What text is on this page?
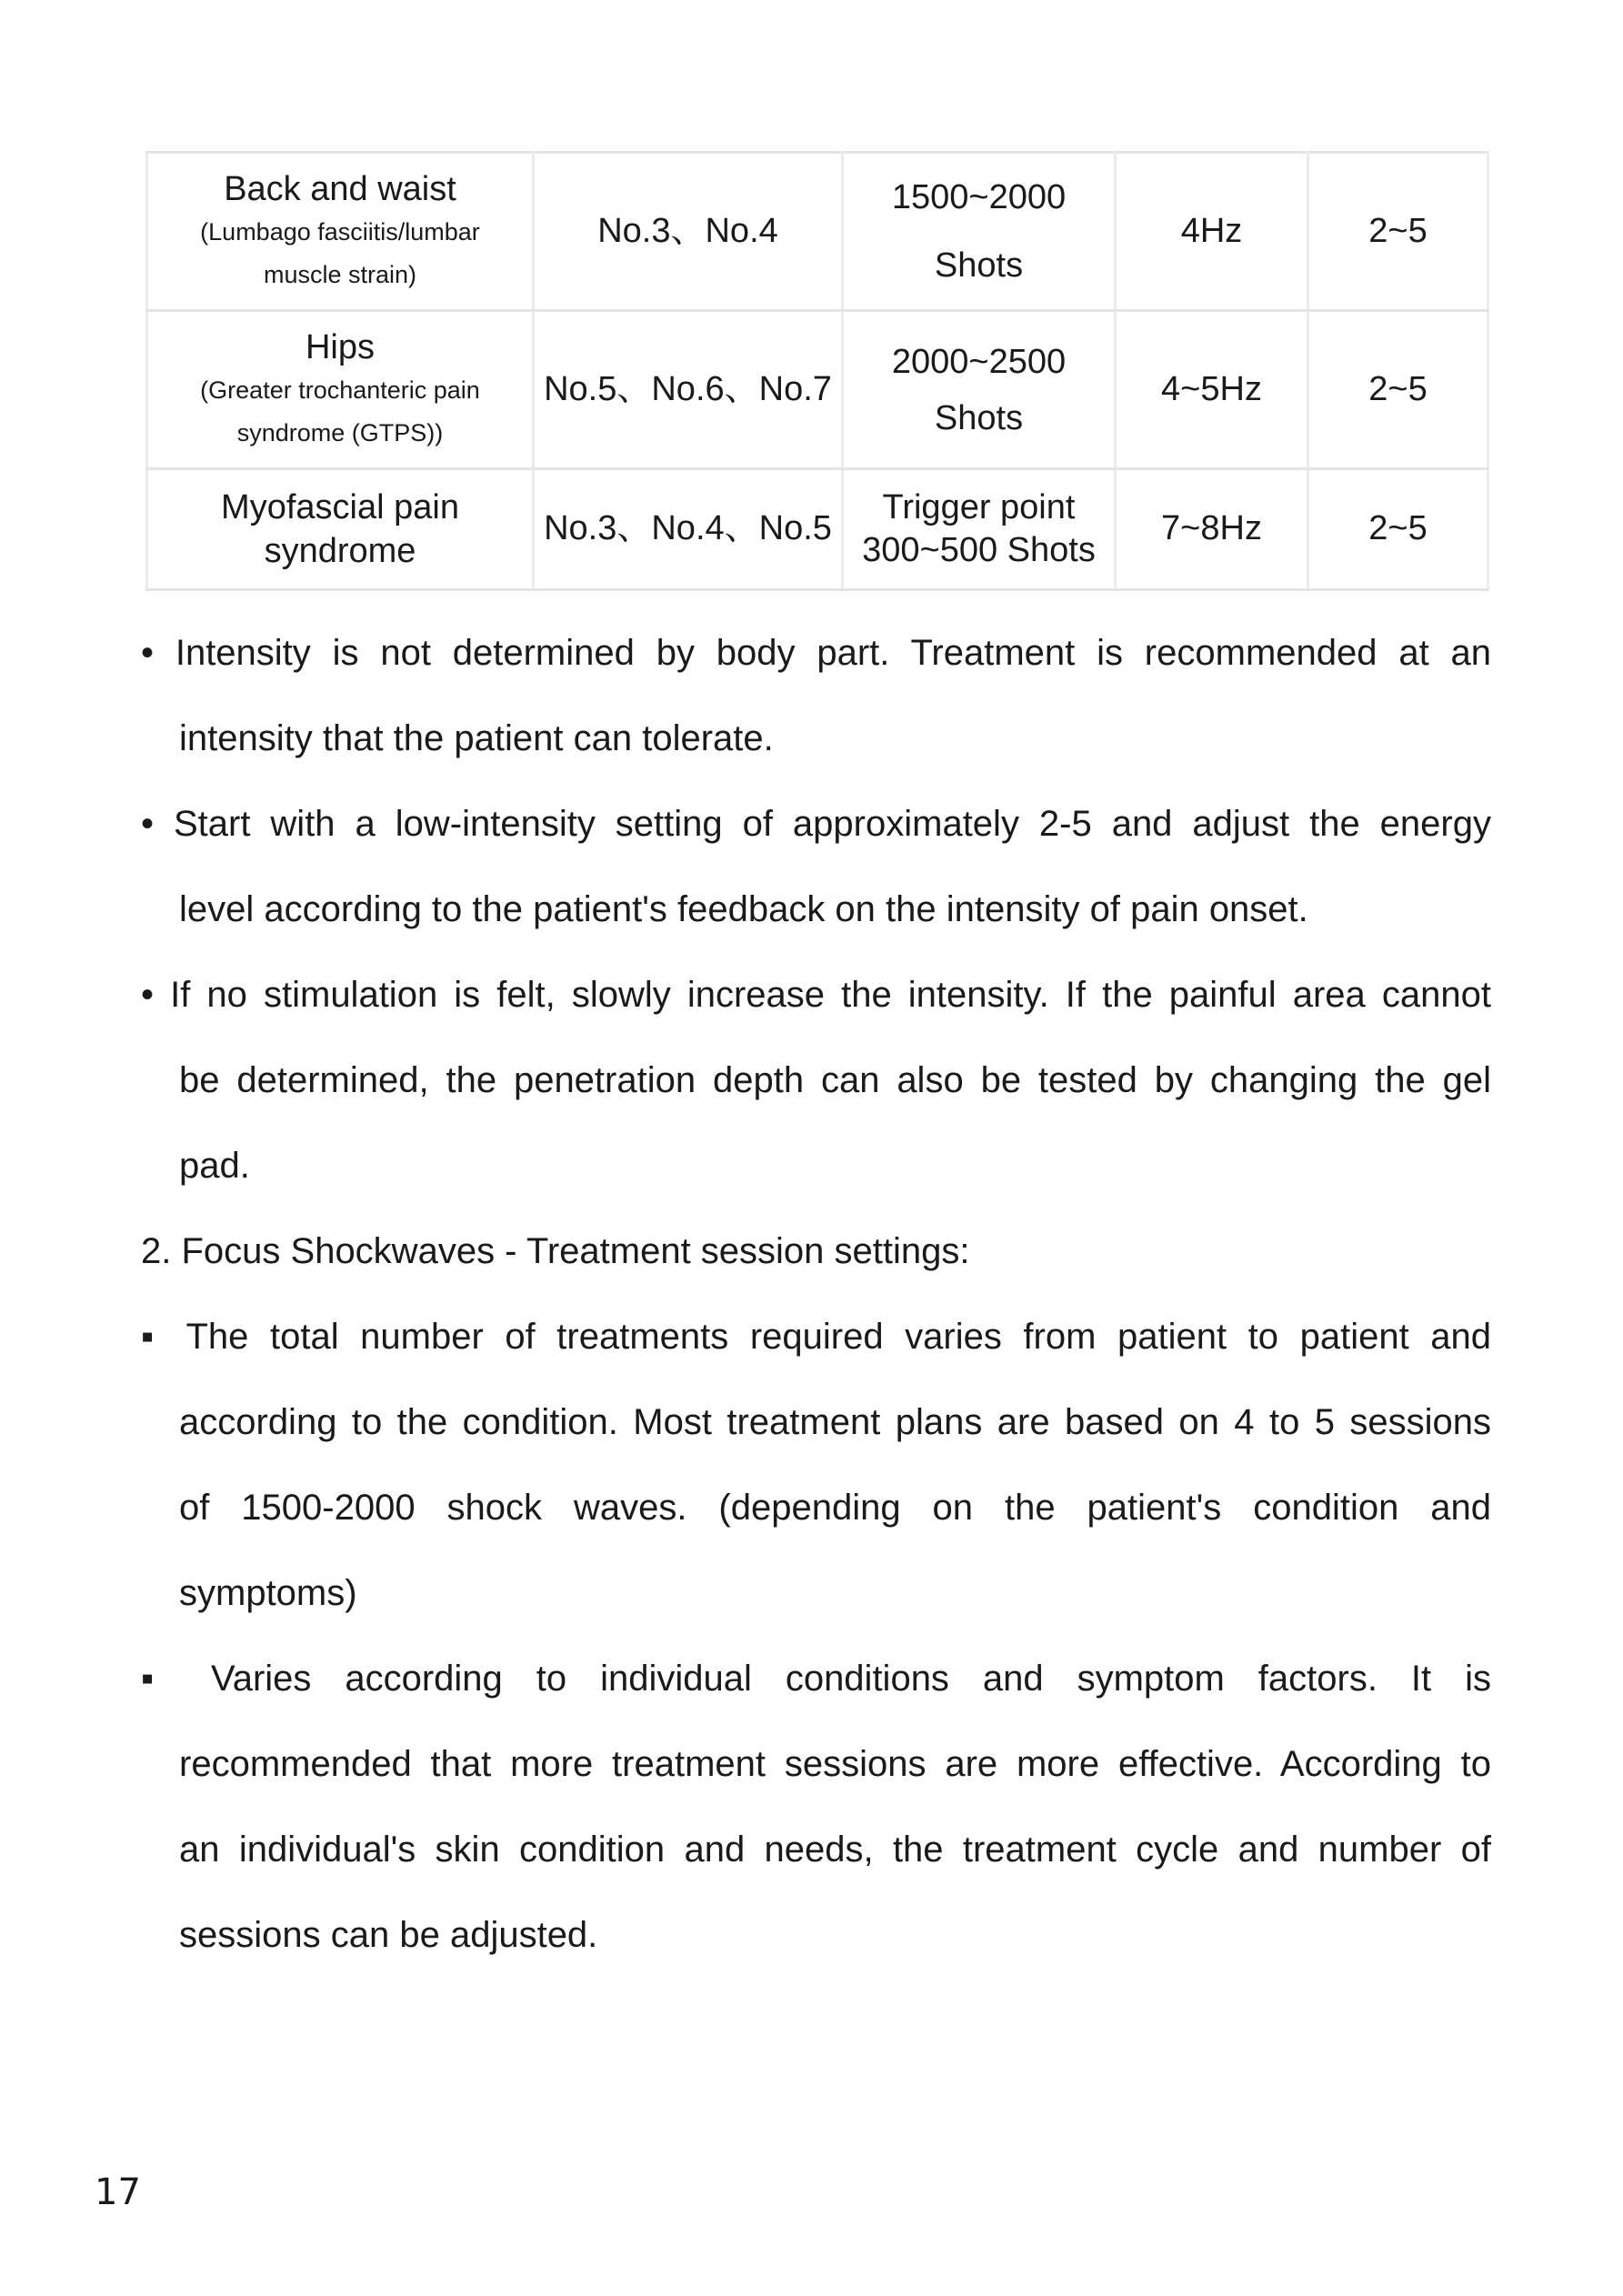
Back and waist
(Lumbago fasciitis/lumbar
muscle strain)	No.3、No.4	1500~2000
Shots	4Hz	2~5

Hips
(Greater trochanteric pain
syndrome (GTPS))	No.5、No.6、No.7	2000~2500
Shots	4~5Hz	2~5

Myofascial pain
syndrome	No.3、No.4、No.5	Trigger point
300~500 Shots	7~8Hz	2~5
• Intensity is not determined by body part. Treatment is recommended at an
intensity that the patient can tolerate.
• Start with a low-intensity setting of approximately 2-5 and adjust the energy
level according to the patient's feedback on the intensity of pain onset.
• If no stimulation is felt, slowly increase the intensity. If the painful area cannot
be determined, the penetration depth can also be tested by changing the gel
pad.
2. Focus Shockwaves - Treatment session settings:
▪ The total number of treatments required varies from patient to patient and
according to the condition. Most treatment plans are based on 4 to 5 sessions
of 1500-2000 shock waves. (depending on the patient's condition and
symptoms)
▪ Varies according to individual conditions and symptom factors. It is
recommended that more treatment sessions are more effective. According to
an individual's skin condition and needs, the treatment cycle and number of
sessions can be adjusted.
17
